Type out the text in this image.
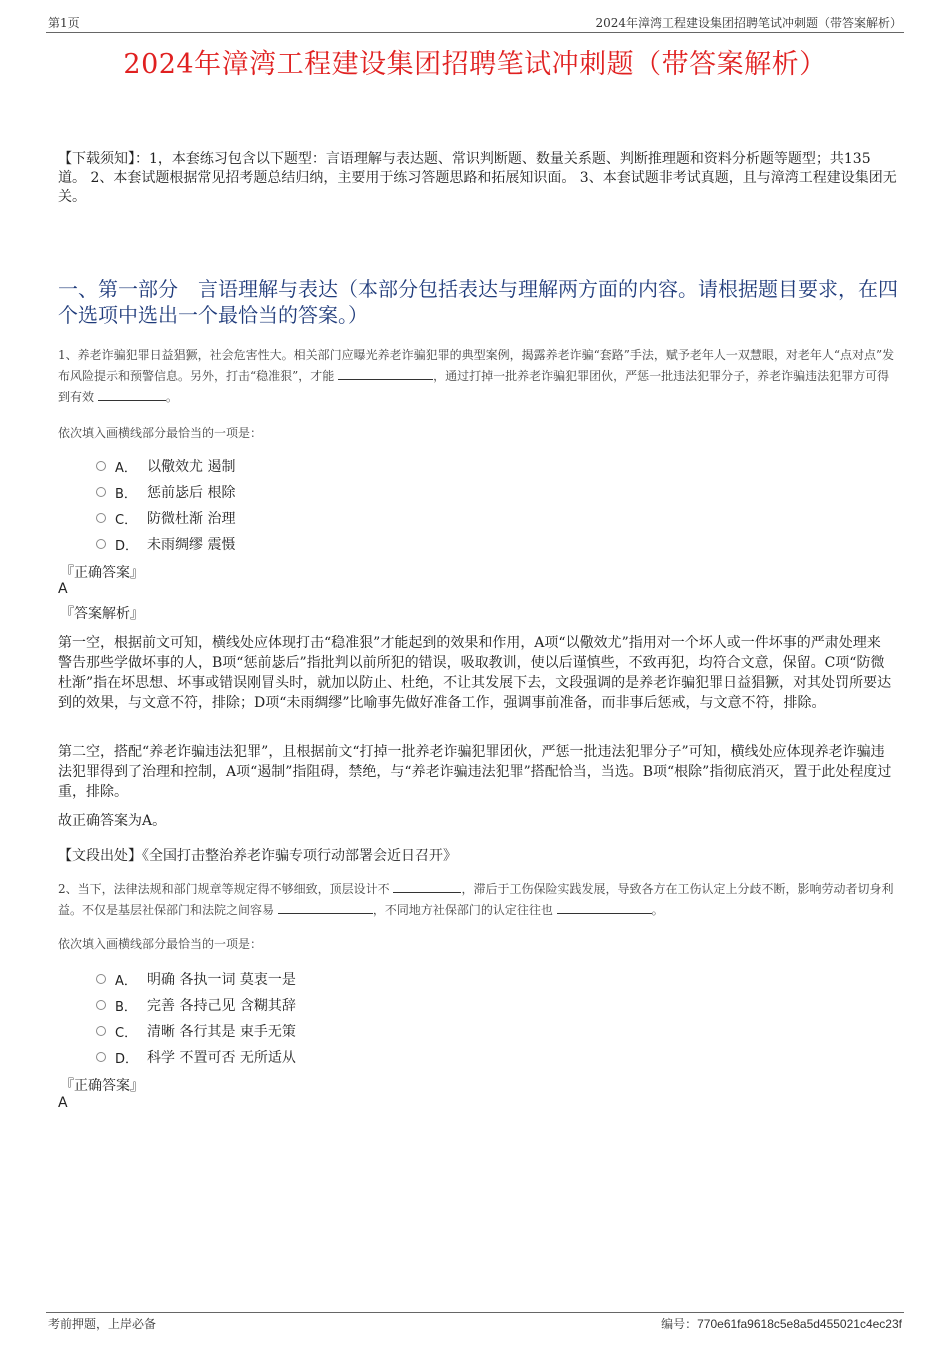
第1页	2024年漳湾工程建设集团招聘笔试冲刺题（带答案解析）
2024年漳湾工程建设集团招聘笔试冲刺题（带答案解析）
【下载须知】：1，本套练习包含以下题型：言语理解与表达题、常识判断题、数量关系题、判断推理题和资料分析题等题型；共135道。 2、本套试题根据常见招考题总结归纳，主要用于练习答题思路和拓展知识面。 3、本套试题非考试真题，且与漳湾工程建设集团无关。
一、第一部分　言语理解与表达（本部分包括表达与理解两方面的内容。请根据题目要求，在四个选项中选出一个最恰当的答案。）
1、养老诈骗犯罪日益猖獗，社会危害性大。相关部门应曝光养老诈骗犯罪的典型案例，揭露养老诈骗“套路”手法，赋予老年人一双慧眼，对老年人“点对点”发布风险提示和预警信息。另外，打击“稳准狠”，才能	，通过打掉一批养老诈骗犯罪团伙，严惩一批违法犯罪分子，养老诈骗违法犯罪方可得到有效	。
依次填入画横线部分最恰当的一项是：
A． 以儆效尤 遏制
B． 惩前毖后 根除
C． 防微杜渐 治理
D． 未雨绸缪 震慑
『正确答案』
A
『答案解析』
第一空，根据前文可知，横线处应体现打击“稳准狠”才能起到的效果和作用，A项“以儆效尤”指用对一个坏人或一件坏事的严肃处理来警告那些学做坏事的人，B项“惩前毖后”指批判以前所犯的错误，吸取教训，使以后谨慎些，不致再犯，均符合文意，保留。C项“防微杜渐”指在坏思想、坏事或错误刚冒头时，就加以防止、杜绝，不让其发展下去，文段强调的是养老诈骗犯罪日益猖獗，对其处罚所要达到的效果，与文意不符，排除；D项“未雨绸缪”比喻事先做好准备工作，强调事前准备，而非事后惩戒，与文意不符，排除。
第二空，搭配“养老诈骗违法犯罪”，且根据前文“打掉一批养老诈骗犯罪团伙，严惩一批违法犯罪分子”可知，横线处应体现养老诈骗违法犯罪得到了治理和控制，A项“遏制”指阻碍，禁绝，与“养老诈骗违法犯罪”搭配恰当，当选。B项“根除”指彻底消灭，置于此处程度过重，排除。
故正确答案为A。
【文段出处】《全国打击整治养老诈骗专项行动部署会近日召开》
2、当下，法律法规和部门规章等规定得不够细致，顶层设计不	，滞后于工伤保险实践发展，导致各方在工伤认定上分歧不断，影响劳动者切身利益。不仅是基层社保部门和法院之间容易	，不同地方社保部门的认定往往也	。
依次填入画横线部分最恰当的一项是：
A． 明确 各执一词 莫衷一是
B． 完善 各持己见 含糊其辞
C． 清晰 各行其是 束手无策
D． 科学 不置可否 无所适从
『正确答案』
A
考前押题，上岸必备	编号：770e61fa9618c5e8a5d455021c4ec23f
